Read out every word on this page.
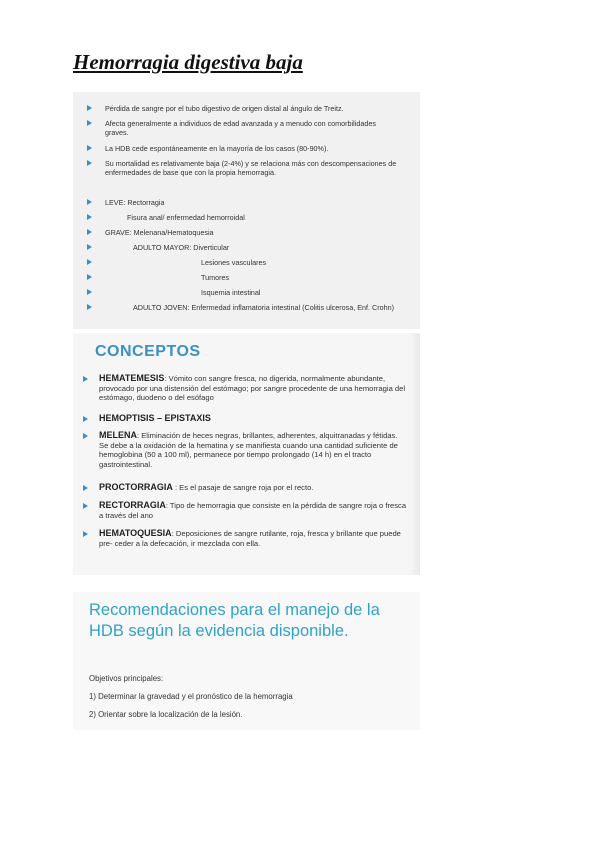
Hemorragia digestiva baja
Pérdida de sangre por el tubo digestivo de origen distal al ángulo de Treitz.
Afecta generalmente a individuos de edad avanzada y a menudo con comorbilidades graves.
La HDB cede espontáneamente en la mayoría de los casos (80-90%).
Su mortalidad es relativamente baja (2-4%) y se relaciona más con descompensaciones de enfermedades de base que con la propia hemorragia.
LEVE: Rectorragia
Fisura anal/ enfermedad hemorroidal
GRAVE: Melenana/Hematoquesia
ADULTO MAYOR: Diverticular
Lesiones vasculares
Tumores
Isquemia intestinal
ADULTO JOVEN: Enfermedad inflamatoria intestinal (Colitis ulcerosa, Enf. Crohn)
CONCEPTOS
HEMATEMESIS: Vómito con sangre fresca, no digerida, normalmente abundante, provocado por una distensión del estómago; por sangre procedente de una hemorragia del estómago, duodeno o del esófago
HEMOPTISIS – EPISTAXIS
MELENA: Eliminación de heces negras, brillantes, adherentes, alquitranadas y fétidas. Se debe a la oxidación de la hematina y se manifiesta cuando una cantidad suficiente de hemoglobina (50 a 100 ml), permanece por tiempo prolongado (14 h) en el tracto gastrointestinal.
PROCTORRAGIA : Es el pasaje de sangre roja por el recto.
RECTORRAGIA: Tipo de hemorragia que consiste en la pérdida de sangre roja o fresca a través del ano
HEMATOQUESIA: Deposiciones de sangre rutilante, roja, fresca y brillante que puede pre- ceder a la defecación, ir mezclada con ella.
Recomendaciones para el manejo de la HDB según la evidencia disponible.
Objetivos principales:
1) Determinar la gravedad y el pronóstico de la hemorragia
2) Orientar sobre la localización de la lesión.
